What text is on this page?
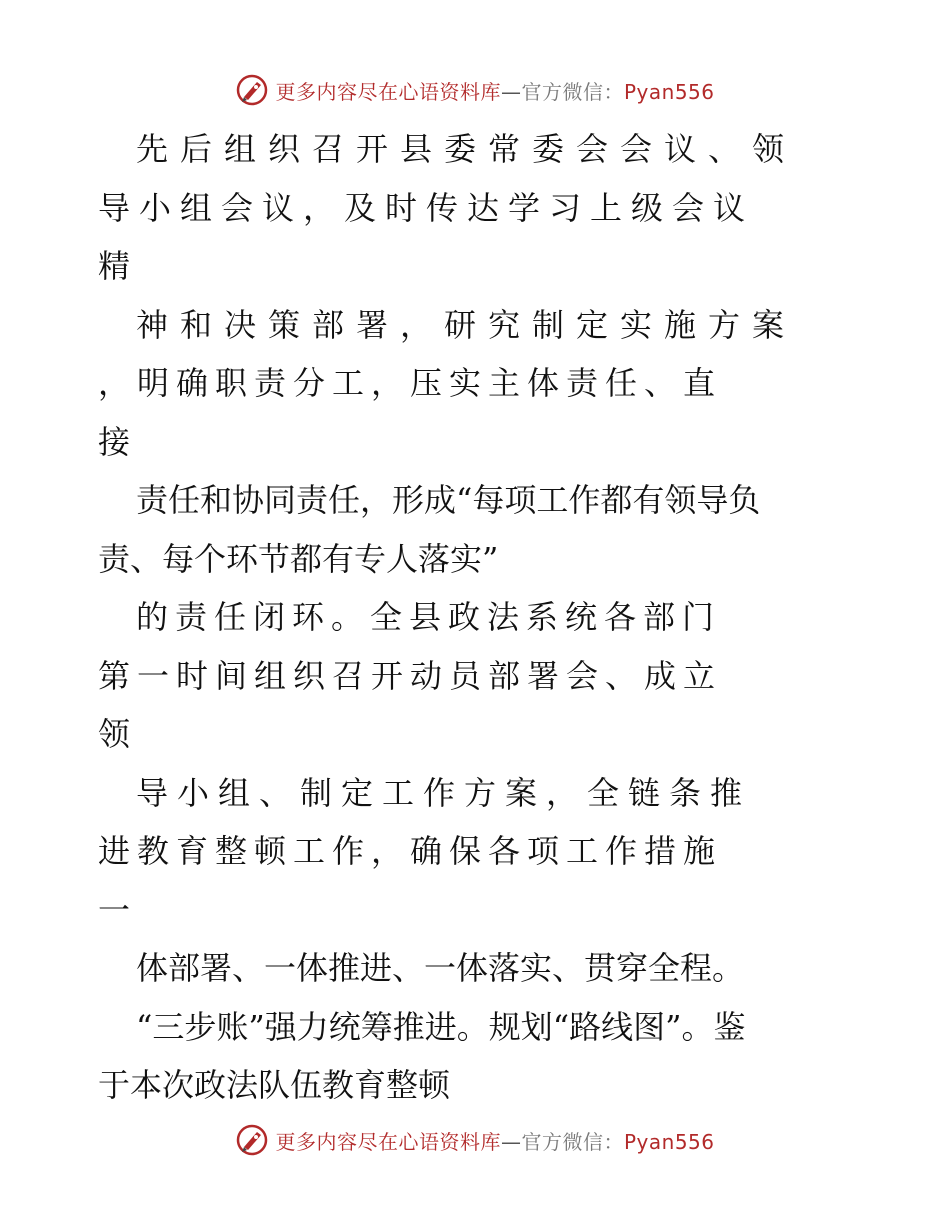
更多内容尽在心语资料库—官方微信：Pyan556
先后组织召开县委常委会会议、领
导小组会议，及时传达学习上级会议
精
神和决策部署，研究制定实施方案
，明确职责分工，压实主体责任、直
接
责任和协同责任，形成“每项工作都有领导负
责、每个环节都有专人落实”
的责任闭环。全县政法系统各部门
第一时间组织召开动员部署会、成立
领
导小组、制定工作方案，全链条推
进教育整顿工作，确保各项工作措施
一
体部署、一体推进、一体落实、贯穿全程。
“三步账”强力统筹推进。规划“路线图”。鉴
于本次政法队伍教育整顿
更多内容尽在心语资料库—官方微信：Pyan556
